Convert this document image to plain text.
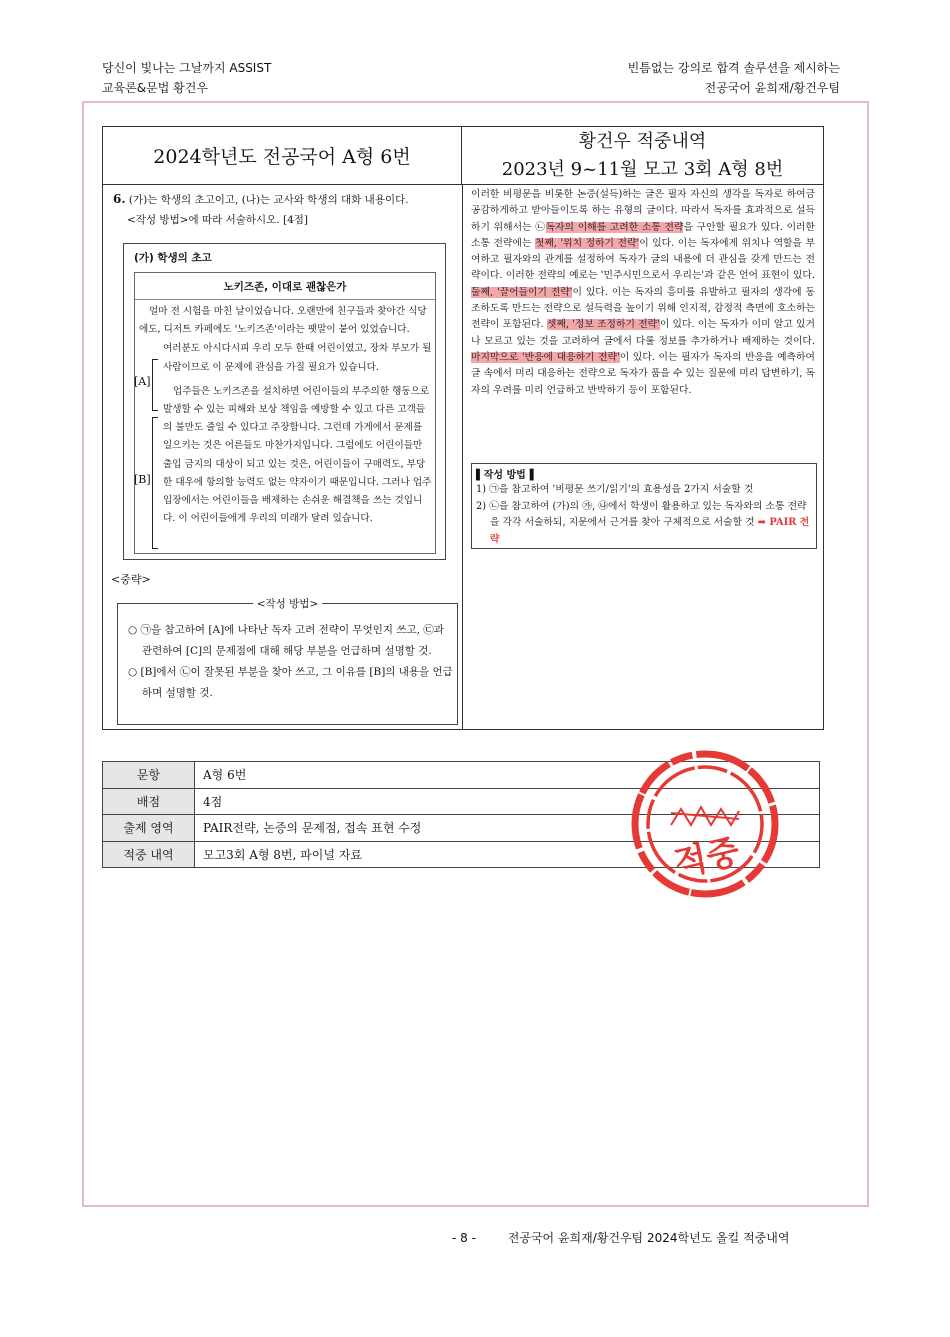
당신이 빛나는 그날까지 ASSIST
교육론&문법 황건우
빈틈없는 강의로 합격 솔루션을 제시하는
전공국어 윤희재/황건우팀
2024학년도 전공국어 A형 6번
황건우 적중내역
2023년 9~11월 모고 3회 A형 8번
6. (가)는 학생의 초고이고, (나)는 교사와 학생의 대화 내용이다.
<작성 방법>에 따라 서술하시오. [4점]
(가) 학생의 초고
노키즈존, 이대로 괜찮은가
얼마 전 시험을 마친 날이었습니다. 오랜만에 친구들과 찾아간 식당에도, 디저트 카페에도 '노키즈존'이라는 팻말이 붙어 있었습니다.
여러분도 아시다시피 우리 모두 한때 어린이였고, 장차 부모가 될 사람이므로 이 문제에 관심을 가질 필요가 있습니다.
업주들은 노키즈존을 설치하면 어린이들의 부주의한 행동으로 발생할 수 있는 피해와 보상 책임을 예방할 수 있고 다른 고객들의 불만도 줄일 수 있다고 주장합니다. 그런데 가게에서 문제를 일으키는 것은 어른들도 마찬가지입니다. 그럼에도 어린이들만 출입 금지의 대상이 되고 있는 것은, 어린이들이 구매력도, 부당한 대우에 항의할 능력도 없는 약자이기 때문입니다. 그러나 업주 입장에서는 어린이들을 배제하는 손쉬운 해결책을 쓰는 것입니다. 이 어린이들에게 우리의 미래가 달려 있습니다.
[A]
[B]
<중략>
<작성 방법>
○ ㉠을 참고하여 [A]에 나타난 독자 고려 전략이 무엇인지 쓰고, ㉢과 관련하여 [C]의 문제점에 대해 해당 부분을 언급하며 설명할 것.
○ [B]에서 ㉡이 잘못된 부분을 찾아 쓰고, 그 이유를 [B]의 내용을 언급하며 설명할 것.
이러한 비평문을 비롯한 논증(설득)하는 글은 필자 자신의 생각을 독자로 하여금 공감하게하고 받아들이도록 하는 유형의 글이다. 따라서 독자를 효과적으로 설득하기 위해서는 ㉡독자의 이해를 고려한 소통 전략을 구안할 필요가 있다. 이러한 소통 전략에는 첫째, '위치 정하기 전략'이 있다. 이는 독자에게 위치나 역할을 부여하고 필자와의 관계를 설정하여 독자가 글의 내용에 더 관심을 갖게 만드는 전략이다. 이러한 전략의 예로는 '민주시민으로서 우리는'과 같은 언어 표현이 있다. 둘째, '끌어들이기 전략'이 있다. 이는 독자의 흥미를 유발하고 필자의 생각에 동조하도록 만드는 전략으로 설득력을 높이기 위해 인지적, 감정적 측면에 호소하는 전략이 포함된다. 셋째, '정보 조정하기 전략'이 있다. 이는 독자가 이미 알고 있거나 모르고 있는 것을 고려하여 글에서 다룰 정보를 추가하거나 배제하는 것이다. 마지막으로 '반응에 대응하기 전략'이 있다. 이는 필자가 독자의 반응을 예측하여 글 속에서 미리 대응하는 전략으로 독자가 품을 수 있는 질문에 미리 답변하기, 독자의 우려를 미리 언급하고 반박하기 등이 포함된다.
▌작성 방법▐
1) ㉠을 참고하여 '비평문 쓰기/읽기'의 효용성을 2가지 서술할 것
2) ㉡을 참고하여 (가)의 ㉮, ㉯에서 학생이 활용하고 있는 독자와의 소통 전략을 각각 서술하되, 지문에서 근거를 찾아 구체적으로 서술할 것 ➡ PAIR 전략
문항	A형 6번
배점	4점
출제 영역	PAIR전략, 논증의 문제점, 접속 표현 수정
적중 내역	모고3회 A형 8번, 파이널 자료	적중
- 8 -	전공국어 윤희재/황건우팀 2024학년도 올킬 적중내역
